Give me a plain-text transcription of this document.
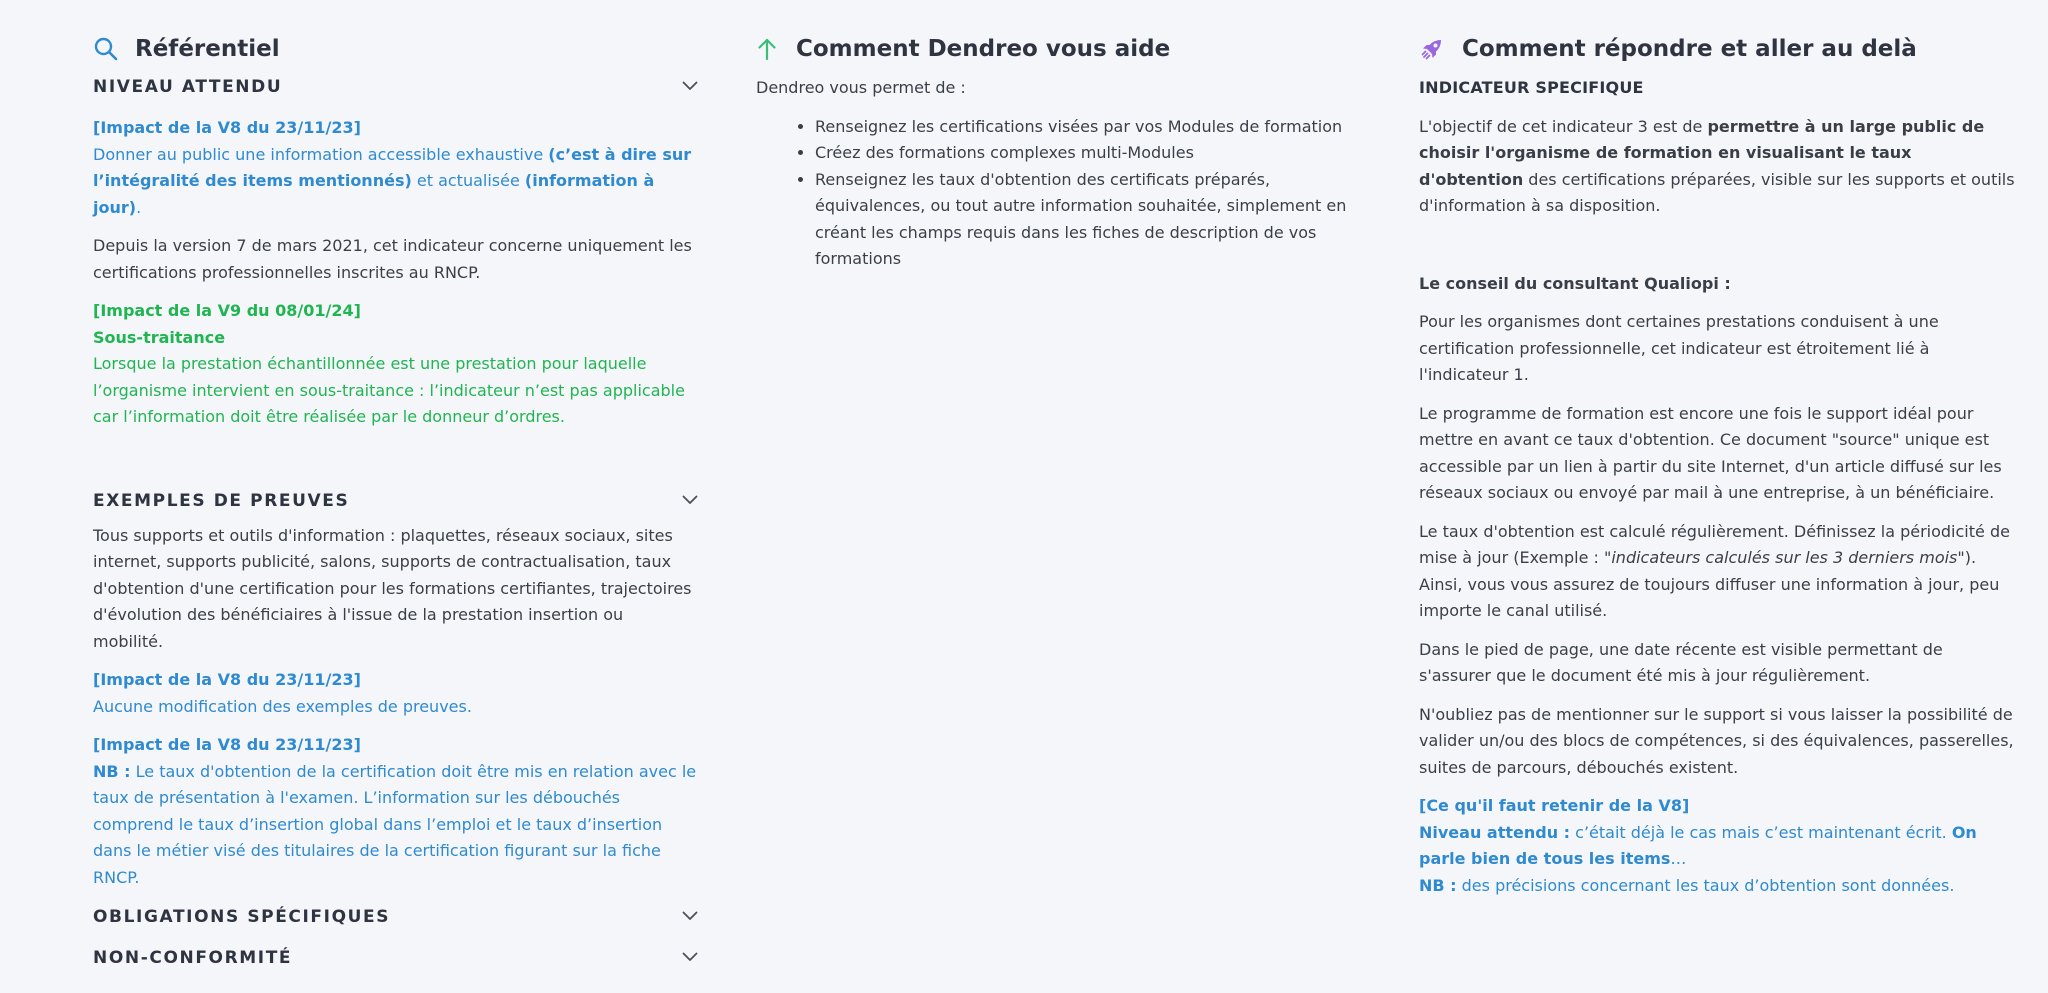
Référentiel
NIVEAU ATTENDU

[Impact de la V8 du 23/11/23]

Donner au public une information accessible exhaustive (c’est à dire sur l’intégralité des items mentionnés) et actualisée (information à jour).

Depuis la version 7 de mars 2021, cet indicateur concerne uniquement les certifications professionnelles inscrites au RNCP.

[Impact de la V9 du 08/01/24]

Sous-traitance

Lorsque la prestation échantillonnée est une prestation pour laquelle l’organisme intervient en sous-traitance : l’indicateur n’est pas applicable car l’information doit être réalisée par le donneur d’ordres.

EXEMPLES DE PREUVES

Tous supports et outils d'information : plaquettes, réseaux sociaux, sites internet, supports publicité, salons, supports de contractualisation, taux d'obtention d'une certification pour les formations certifiantes, trajectoires d'évolution des bénéficiaires à l'issue de la prestation insertion ou mobilité.

[Impact de la V8 du 23/11/23]

Aucune modification des exemples de preuves.

[Impact de la V8 du 23/11/23]

NB : Le taux d'obtention de la certification doit être mis en relation avec le taux de présentation à l'examen. L’information sur les débouchés comprend le taux d’insertion global dans l’emploi et le taux d’insertion dans le métier visé des titulaires de la certification figurant sur la fiche RNCP.

OBLIGATIONS SPÉCIFIQUES
NON-CONFORMITÉ
Comment Dendreo vous aide

Dendreo vous permet de :

• Renseignez les certifications visées par vos Modules de formation
• Créez des formations complexes multi-Modules
• Renseignez les taux d'obtention des certificats préparés, équivalences, ou tout autre information souhaitée, simplement en créant les champs requis dans les fiches de description de vos formations
Comment répondre et aller au delà

INDICATEUR SPECIFIQUE

L'objectif de cet indicateur 3 est de permettre à un large public de choisir l'organisme de formation en visualisant le taux d'obtention des certifications préparées, visible sur les supports et outils d'information à sa disposition.

Le conseil du consultant Qualiopi :

Pour les organismes dont certaines prestations conduisent à une certification professionnelle, cet indicateur est étroitement lié à l'indicateur 1.

Le programme de formation est encore une fois le support idéal pour mettre en avant ce taux d'obtention. Ce document "source" unique est accessible par un lien à partir du site Internet, d'un article diffusé sur les réseaux sociaux ou envoyé par mail à une entreprise, à un bénéficiaire.

Le taux d'obtention est calculé régulièrement. Définissez la périodicité de mise à jour (Exemple : "indicateurs calculés sur les 3 derniers mois"). Ainsi, vous vous assurez de toujours diffuser une information à jour, peu importe le canal utilisé.

Dans le pied de page, une date récente est visible permettant de s'assurer que le document été mis à jour régulièrement.

N'oubliez pas de mentionner sur le support si vous laisser la possibilité de valider un/ou des blocs de compétences, si des équivalences, passerelles, suites de parcours, débouchés existent.

[Ce qu'il faut retenir de la V8]

Niveau attendu : c’était déjà le cas mais c’est maintenant écrit. On parle bien de tous les items…

NB : des précisions concernant les taux d’obtention sont données.
